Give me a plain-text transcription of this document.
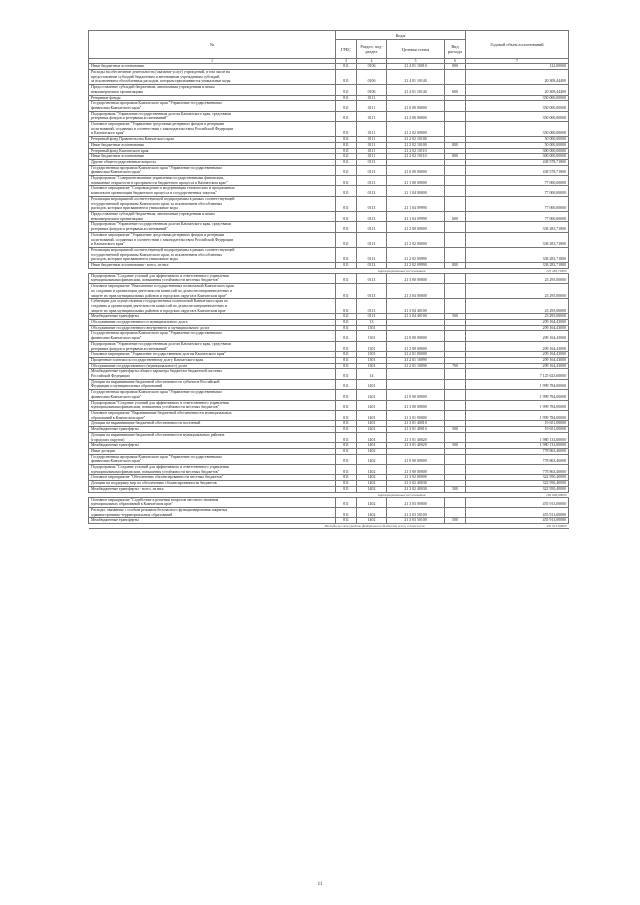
№	Коды				Годовой объем ассигнований
	ГРБС	Раздел, под-раздел	Целевая статья	Вид расхода	
1	3	4	5	6	7

Иные бюджетные ассигнования	811	0106	21 4 01 10010	800	122,00000

Расходы на обеспечение деятельности (оказание услуг) учреждений, в том числе на
предоставление субсидий бюджетным и автономным учреждениям субсидий,
за исключением обособленных расходов, которым присваиваются уникальные коды	811	0106	21 4 01 10140		20 308,44400

Предоставление субсидий бюджетным, автономным учреждениям и иным
некоммерческим организациям	811	0106	21 4 01 10140	600	20 308,44400

Резервные фонды	811	0111			350 000,00000

Государственная программа Камчатского края "Управление государственными
финансами Камчатского края"	811	0111	21 0 00 00000		350 000,00000

Подпрограмма "Управление государственным долгом Камчатского края, средствами
резервных фондов и резервами ассигнований"	811	0111	21 2 00 00000		350 000,00000

Основное мероприятие "Управление средствами резервных фондов и резервами
ассигнований, созданных в соответствии с законодательством Российской Федерации
и Камчатского края"	811	0111	21 2 02 00000		350 000,00000

Резервный фонд Правительства Камчатского края	811	0111	21 2 02 10100		50 000,00000

Иные бюджетные ассигнования	811	0111	21 2 02 10100	800	50 000,00000

Резервный фонд Камчатского края	811	0111	21 2 02 10110		300 000,00000

Иные бюджетные ассигнования	811	0111	21 2 02 10110	800	300 000,00000

Другие общегосударственные вопросы	811	0113			438 578,71800

Государственная программа Камчатского края "Управление государственными
финансами Камчатского края"	811	0113	21 0 00 00000		438 578,71800

Подпрограмма "Совершенствование управления государственными финансами,
повышение открытости и прозрачности бюджетного процесса в Камчатском крае"	811	0113	21 1 00 00000		77 000,00000

Основное мероприятие "Сопровождение и модернизация технических и программных
комплексов организации бюджетного процесса и государственных закупок"	811	0113	21 1 04 00000		77 000,00000

Реализация мероприятий соответствующей подпрограммы в рамках соответствующей
государственной программы Камчатского края, за исключением обособленных
расходов, которым присваиваются уникальные коды	811	0113	21 1 04 09990		77 000,00000

Предоставление субсидий бюджетным, автономным учреждениям и иным
некоммерческим организациям	811	0113	21 1 04 09990	600	77 000,00000

Подпрограмма "Управление государственным долгом Камчатского края, средствами
резервных фондов и резервами ассигнований"	811	0113	21 2 00 00000		338 283,71800

Основное мероприятие "Управление средствами резервных фондов и резервами
ассигнований, созданных в соответствии с законодательством Российской Федерации
и Камчатского края"	811	0113	21 2 02 00000		338 283,71800

Реализация мероприятий соответствующей подпрограммы в рамках соответствующей
государственной программы Камчатского края, за исключением обособленных
расходов, которым присваиваются уникальные коды	811	0113	21 2 02 09990		338 283,71800

Иные бюджетные ассигнования - всего, из них:	811	0113	21 2 02 09990	800	338 283,71800
зарезервированные ассигнования					125 283,71800

Подпрограмма "Создание условий для эффективного и ответственного управления
муниципальными финансами, повышения устойчивости местных бюджетов"	811	0113	21 3 00 00000		23 295,00000

Основное мероприятие "Выполнение государственных полномочий Камчатского края
по созданию и организации деятельности комиссий по делам несовершеннолетних и
защите их прав муниципальных районов и городских округов в Камчатском крае"	811	0113	21 3 04 00000		23 295,00000

Субвенции для осуществления государственных полномочий Камчатского края по
созданию и организации деятельности комиссий по делам несовершеннолетних и
защите их прав муниципальных районов и городских округов в Камчатском крае	811	0113	21 3 04 40100		23 295,00000

Межбюджетные трансферты	811	0113	21 3 04 40100	500	23 295,00000

Обслуживание государственного и муниципального долга	811	13			209 164,43000

Обслуживание государственного внутреннего и муниципального долга	811	1301			209 164,43000

Государственная программа Камчатского края "Управление государственными
финансами Камчатского края"	811	1301	21 0 00 00000		209 164,43000

Подпрограмма "Управление государственным долгом Камчатского края, средствами
резервных фондов и резервами ассигнований"	811	1301	21 2 00 00000		209 164,43000

Основное мероприятие "Управление государственным долгом Камчатского края"	811	1301	21 2 01 00000		209 164,43000

Процентные платежи по государственному долгу Камчатского края	811	1301	21 2 01 10090		209 164,43000

Обслуживание государственного (муниципального) долга	811	1301	21 2 01 10090	700	209 164,43000

Межбюджетные трансферты общего характера бюджетам бюджетной системы
Российской Федерации	811	14			7 125 623,60000

Дотации на выравнивание бюджетной обеспеченности субъектов Российской
Федерации и муниципальных образований	811	1401			1 999 784,00000

Государственная программа Камчатского края "Управление государственными
финансами Камчатского края"	811	1401	21 0 00 00000		1 999 784,00000

Подпрограмма "Создание условий для эффективного и ответственного управления
муниципальными финансами, повышения устойчивости местных бюджетов"	811	1401	21 3 00 00000		1 999 784,00000

Основное мероприятие "Выравнивание бюджетной обеспеченности муниципальных
образований в Камчатском крае"	811	1401	21 3 01 00000		1 999 784,00000

Дотации на выравнивание бюджетной обеспеченности поселений	811	1401	21 3 01 40010		19 651,00000

Межбюджетные трансферты	811	1401	21 3 01 40010	500	19 651,00000

Дотации на выравнивание бюджетной обеспеченности муниципальных районов
(городских округов)	811	1401	21 3 01 40020		1 980 133,00000

Межбюджетные трансферты	811	1401	21 3 01 40020	500	1 980 133,00000

Иные дотации	811	1402			778 863,40000

Государственная программа Камчатского края "Управление государственными
финансами Камчатского края"	811	1402	21 0 00 00000		778 863,40000

Подпрограмма "Создание условий для эффективного и ответственного управления
муниципальными финансами, повышения устойчивости местных бюджетов"	811	1402	21 3 00 00000		778 863,40000

Основное мероприятие "Обеспечение сбалансированности местных бюджетов"	811	1402	21 3 02 00000		322 950,40000

Дотации на поддержку мер по обеспечению сбалансированности бюджетов	811	1402	21 3 02 40030		322 950,40000

Межбюджетные трансферты - всего, из них:	811	1402	21 3 02 40030	500	322 950,40000
зарезервированные ассигнования					169 600,00000

Основное мероприятие "Содействие в решении вопросов местного значения
муниципальных образований в Камчатском крае"	811	1402	21 3 03 00000		455 913,00000

Расходы, связанные с особым режимом безопасного функционирования закрытых
административно-территориальных образований	811	1402	21 3 03 50100		455 913,00000

Межбюджетные трансферты	811	1402	21 3 03 50100	500	455 913,00000
Расходы за счет средств федерального бюджета всего, в том числе:					455 913,00000
11
